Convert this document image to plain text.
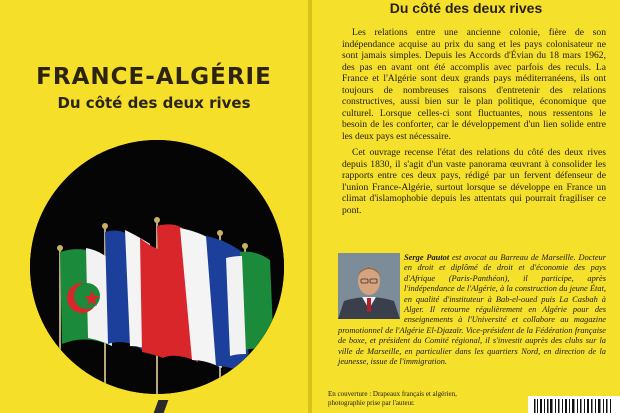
FRANCE-ALGÉRIE
Du côté des deux rives
Du côté des deux rives

Les relations entre une ancienne colonie, fière de son indépendance acquise au prix du sang et les pays colonisateur ne sont jamais simples. Depuis les Accords d'Évian du 18 mars 1962, des pas en avant ont été accomplis avec parfois des reculs. La France et l'Algérie sont deux grands pays méditerranéens, ils ont toujours de nombreuses raisons d'entretenir des relations constructives, aussi bien sur le plan politique, économique que culturel. Lorsque celles-ci sont fluctuantes, nous ressentons le besoin de les conforter, car le développement d'un lien solide entre les deux pays est nécessaire.

Cet ouvrage recense l'état des relations du côté des deux rives depuis 1830, il s'agit d'un vaste panorama œuvrant à consolider les rapports entre ces deux pays, rédigé par un fervent défenseur de l'union France-Algérie, surtout lorsque se développe en France un climat d'islamophobie depuis les attentats qui pourrait fragiliser ce pont.

Serge Pautot est avocat au Barreau de Marseille. Docteur en droit et diplômé de droit et d'économie des pays d'Afrique (Paris-Panthéon), il participe, après l'indépendance de l'Algérie, à la construction du jeune État, en qualité d'instituteur à Bab-el-oued puis La Casbah à Alger. Il retourne régulièrement en Algérie pour des enseignements à l'Université et collabore au magazine promotionnel de l'Algérie El-Djazaïr. Vice-président de la Fédération française de boxe, et président du Comité régional, il s'investit auprès des clubs sur la ville de Marseille, en particulier dans les quartiers Nord, en direction de la jeunesse, issue de l'immigration.
En couverture : Drapeaux français et algérien,
photographie prise par l'auteur.
